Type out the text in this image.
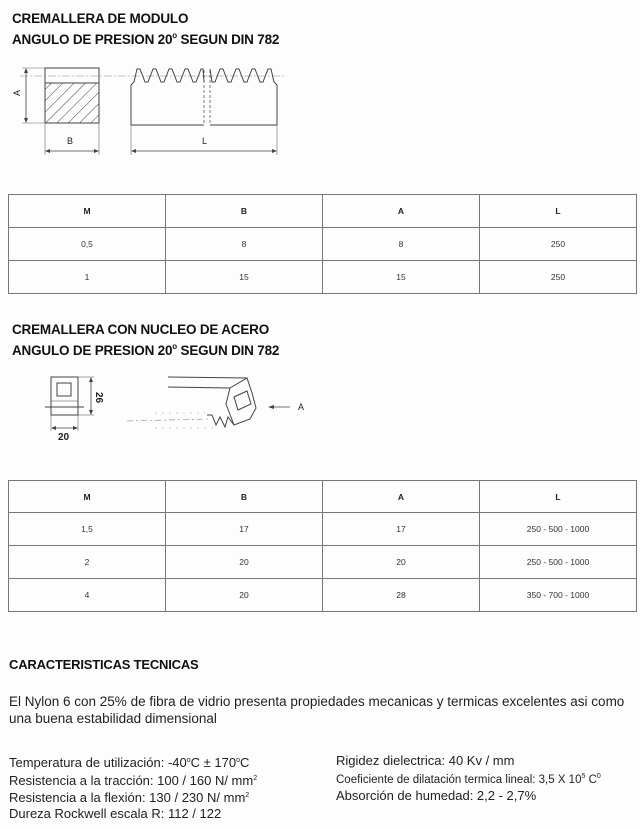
CREMALLERA DE MODULO
ANGULO DE PRESION 20$^o$ SEGUN DIN 782
A
B	L
M	B	A	L
0,5	8	8	250
1	15	15	250
CREMALLERA CON NUCLEO DE ACERO
ANGULO DE PRESION 20$^o$ SEGUN DIN 782
26
20
A
M	B	A	L
1,5	17	17	250 - 500 - 1000
2	20	20	250 - 500 - 1000
4	20	28	350 - 700 - 1000
CARACTERISTICAS TECNICAS
El Nylon 6 con 25% de fibra de vidrio presenta propiedades mecanicas y termicas excelentes asi como una buena estabilidad dimensional
Temperatura de utilización: $-40^oC \pm 170^oC$
Resistencia a la tracción: 100 / 160 N/ $mm^2$
Resistencia a la flexión: 130 / 230 N/ $mm^2$
Dureza Rockwell escala R: 112 / 122
Rigidez dielectrica: 40 Kv / mm
Coeficiente de dilatación termica lineal: 3,5 X $10^5$ $C^0$
Absorción de humedad: 2,2 - 2,7%
